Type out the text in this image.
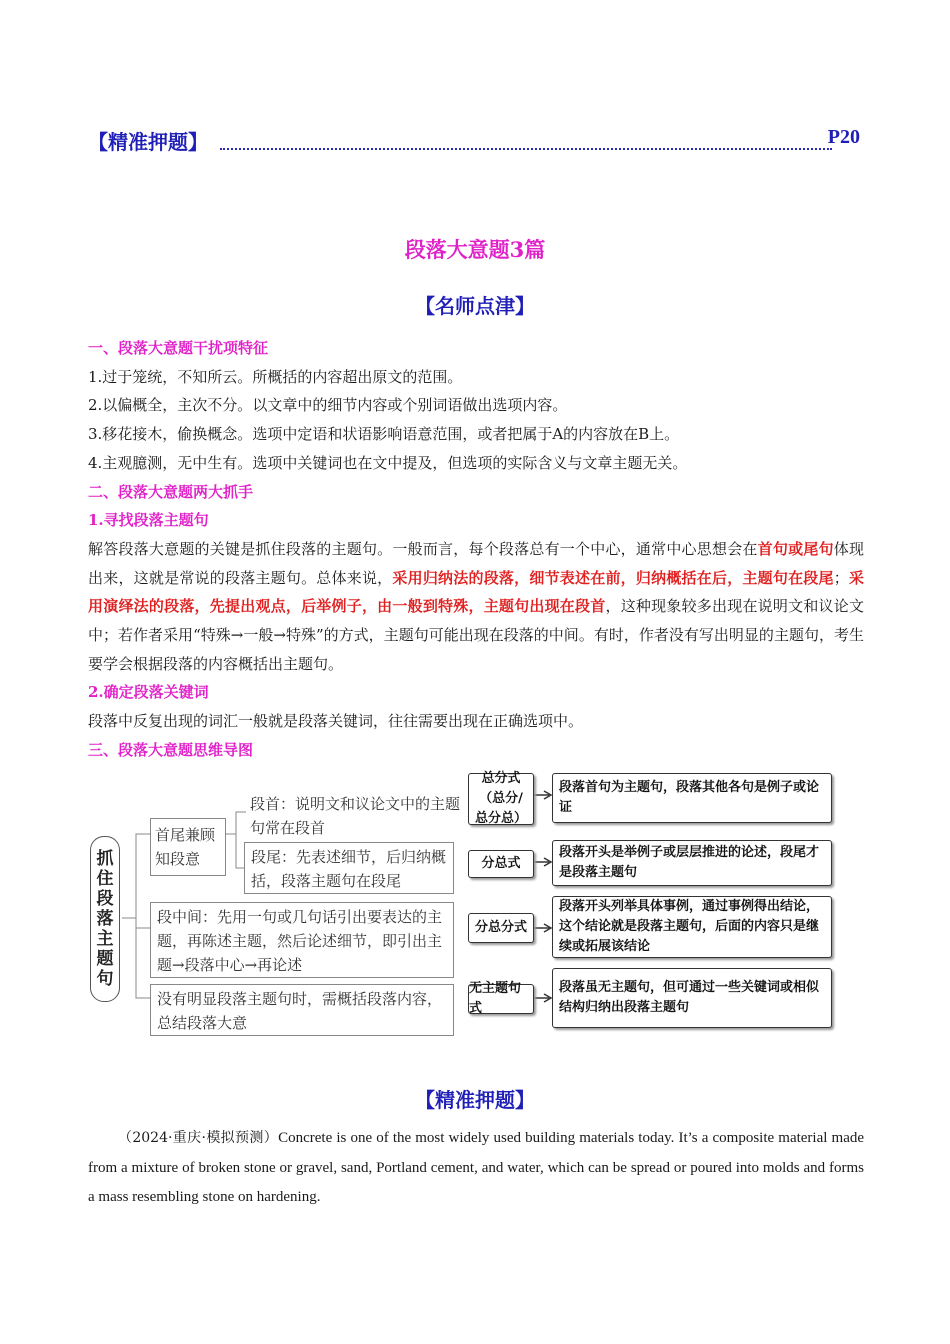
【精准押题】	P20
段落大意题3篇
【名师点津】

一、段落大意题干扰项特征

1.过于笼统，不知所云。所概括的内容超出原文的范围。

2.以偏概全，主次不分。以文章中的细节内容或个别词语做出选项内容。

3.移花接木，偷换概念。选项中定语和状语影响语意范围，或者把属于A的内容放在B上。

4.主观臆测，无中生有。选项中关键词也在文中提及，但选项的实际含义与文章主题无关。

二、段落大意题两大抓手

1.寻找段落主题句

解答段落大意题的关键是抓住段落的主题句。一般而言，每个段落总有一个中心，通常中心思想会在首句或尾句体现出来，这就是常说的段落主题句。总体来说，采用归纳法的段落，细节表述在前，归纳概括在后，主题句在段尾；采用演绎法的段落，先提出观点，后举例子，由一般到特殊，主题句出现在段首，这种现象较多出现在说明文和议论文中；若作者采用“特殊→一般→特殊”的方式，主题句可能出现在段落的中间。有时，作者没有写出明显的主题句，考生要学会根据段落的内容概括出主题句。

2.确定段落关键词

段落中反复出现的词汇一般就是段落关键词，往往需要出现在正确选项中。

三、段落大意题思维导图

抓住段落主题句
首尾兼顾知段意
段首：说明文和议论文中的主题句常在段首
段尾：先表述细节，后归纳概括，段落主题句在段尾
段中间：先用一句或几句话引出要表达的主题，再陈述主题，然后论述细节，即引出主题→段落中心→再论述
没有明显段落主题句时，需概括段落内容，总结段落大意
总分式（总分/总分总）
段落首句为主题句，段落其他各句是例子或论证
分总式
段落开头是举例子或层层推进的论述，段尾才是段落主题句
分总分式
段落开头列举具体事例，通过事例得出结论，这个结论就是段落主题句，后面的内容只是继续或拓展该结论
无主题句式
段落虽无主题句，但可通过一些关键词或相似结构归纳出段落主题句
【精准押题】

（2024·重庆·模拟预测）Concrete is one of the most widely used building materials today. It’s a composite material made from a mixture of broken stone or gravel, sand, Portland cement, and water, which can be spread or poured into molds and forms a mass resembling stone on hardening.
